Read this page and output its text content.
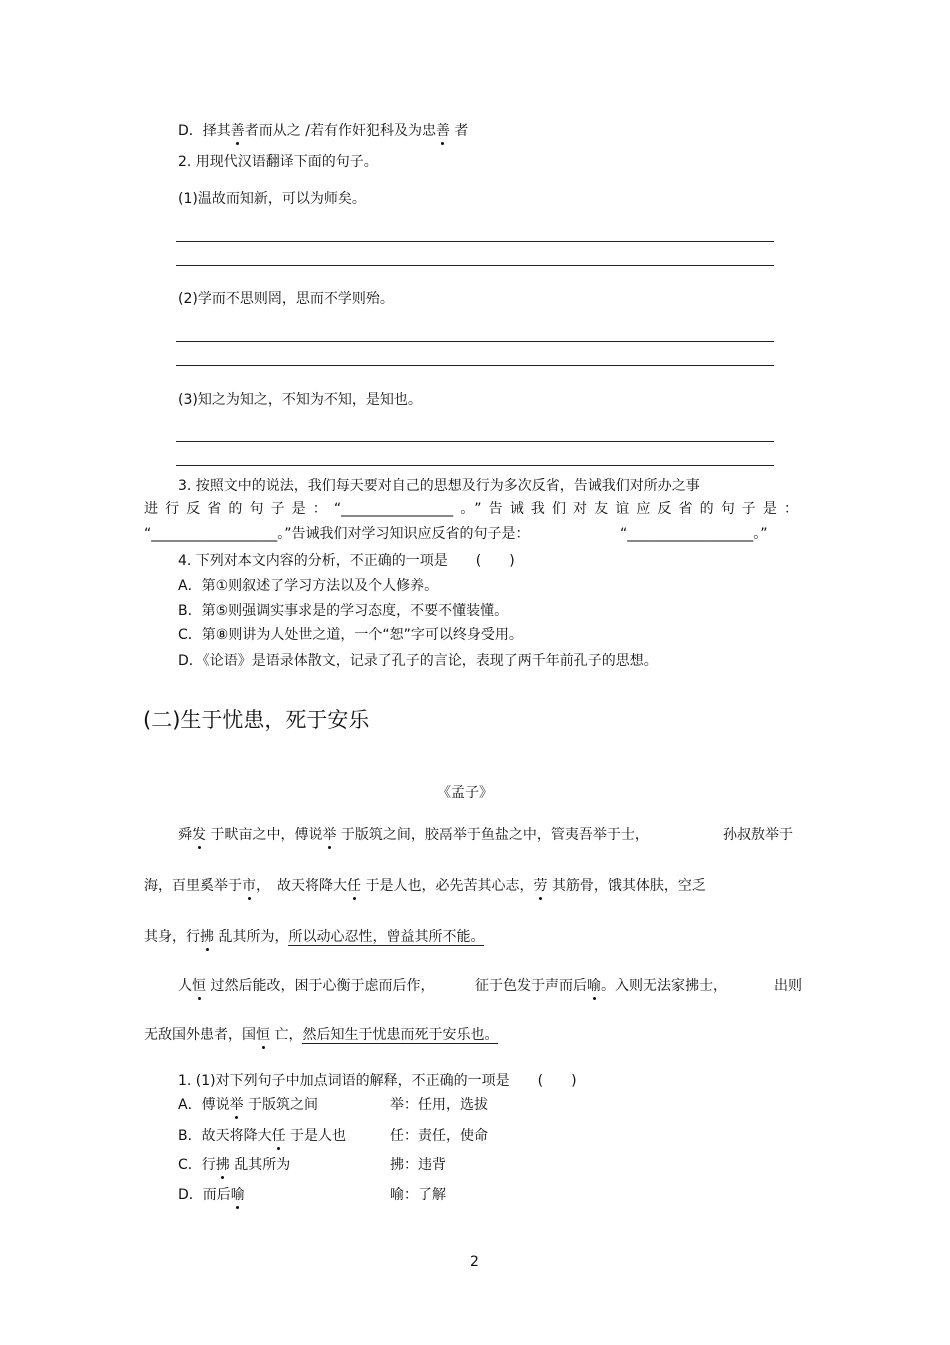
D．择其善者而从之 /若有作奸犯科及为忠善 者
2. 用现代汉语翻译下面的句子。
(1)温故而知新，可以为师矣。
(2)学而不思则罔，思而不学则殆。
(3)知之为知之，不知为不知，是知也。
3. 按照文中的说法，我们每天要对自己的思想及行为多次反省，告诫我们对所办之事
进行反省的句子是：“________________。”告诫我们对友谊应反省的句子是：
“__________________。”告诫我们对学习知识应反省的句子是：	“__________________。”
4. 下列对本文内容的分析，不正确的一项是　　(　　)
A．第①则叙述了学习方法以及个人修养。
B．第⑤则强调实事求是的学习态度，不要不懂装懂。
C．第⑧则讲为人处世之道，一个“恕”字可以终身受用。
D．《论语》是语录体散文，记录了孔子的言论，表现了两千年前孔子的思想。
(二)生于忧患，死于安乐
《孟子》
舜发 于畎亩之中，傅说举 于版筑之间，胶鬲举于鱼盐之中，管夷吾举于士，	孙叔敖举于
海，百里奚举于市，　故天将降大任 于是人也，必先苦其心志，劳 其筋骨，饿其体肤，空乏
其身，行拂 乱其所为，所以动心忍性，曾益其所不能。
人恒 过然后能改，困于心衡于虑而后作，	征于色发于声而后喻。入则无法家拂士，	出则
无敌国外患者，国恒 亡，然后知生于忧患而死于安乐也。
1. (1)对下列句子中加点词语的解释，不正确的一项是　　(　　)
A．傅说举 于版筑之间	举：任用，选拔
B．故天将降大任 于是人也	任：责任，使命
C．行拂 乱其所为	拂：违背
D．而后喻	喻：了解
2
